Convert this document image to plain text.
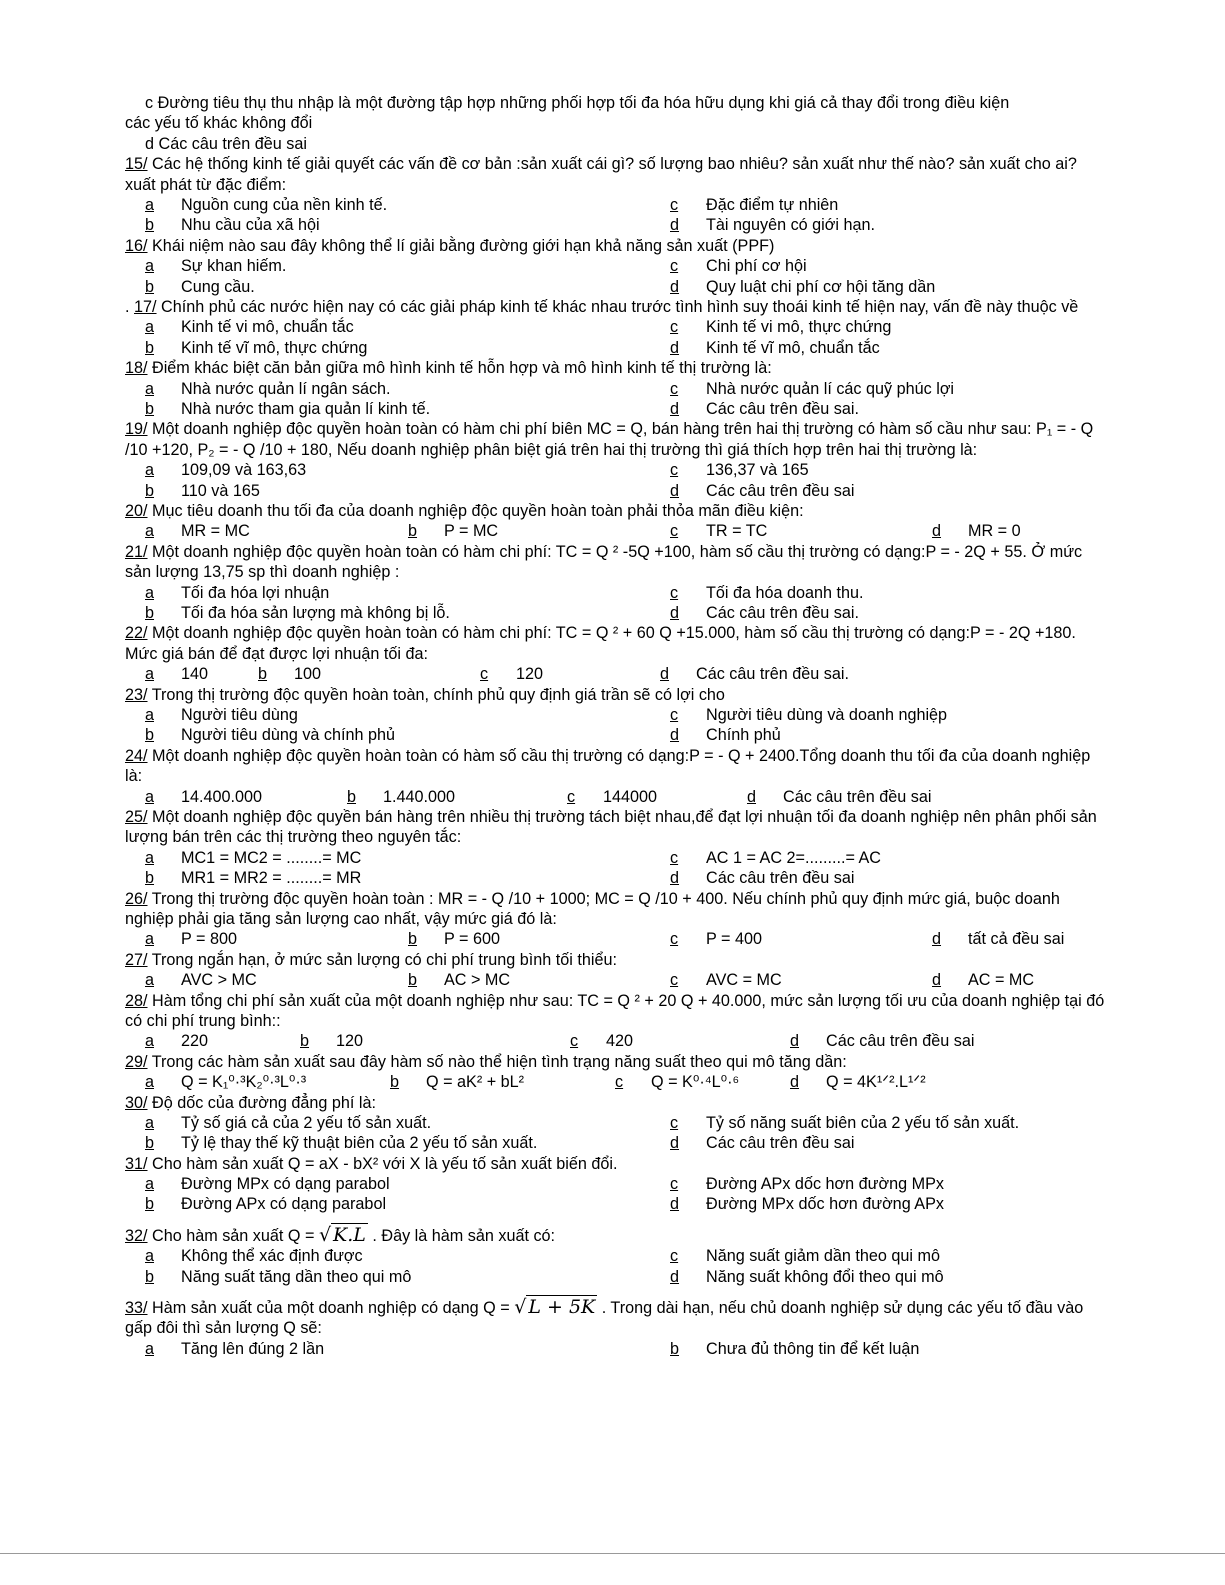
c Đường tiêu thụ thu nhập là một đường tập hợp những phối hợp tối đa hóa hữu dụng khi giá cả thay đổi trong điều kiện
các yếu tố khác không đổi
d Các câu trên đều sai
15/ Các hệ thống kinh tế giải quyết các vấn đề cơ bản :sản xuất cái gì? số lượng bao nhiêu? sản xuất như thế nào? sản xuất cho ai? xuất phát từ đặc điểm:
a Nguồn cung của nền kinh tế.	c Đặc điểm tự nhiên
b Nhu cầu của xã hội	d Tài nguyên có giới hạn.
16/ Khái niệm nào sau đây không thể lí giải bằng đường giới hạn khả năng sản xuất (PPF)
a Sự khan hiếm.	c Chi phí cơ hội
b Cung cầu.	d Quy luật chi phí cơ hội tăng dần
. 17/ Chính phủ các nước hiện nay có các giải pháp kinh tế khác nhau trước tình hình suy thoái kinh tế hiện nay, vấn đề này thuộc về
a Kinh tế vi mô, chuẩn tắc	c Kinh tế vi mô, thực chứng
b Kinh tế vĩ mô, thực chứng	d Kinh tế vĩ mô, chuẩn tắc
18/ Điểm khác biệt căn bản giữa mô hình kinh tế hỗn hợp và mô hình kinh tế thị trường là:
a Nhà nước quản lí ngân sách.	c Nhà nước quản lí các quỹ phúc lợi
b Nhà nước tham gia quản lí kinh tế.	d Các câu trên đều sai.
19/ Một doanh nghiệp độc quyền hoàn toàn có hàm chi phí biên MC = Q, bán hàng trên hai thị trường có hàm số cầu như sau: P₁ = - Q /10 +120, P₂ = - Q /10 + 180, Nếu doanh nghiệp phân biệt giá trên hai thị trường thì giá thích hợp trên hai thị trường là:
a 109,09 và 163,63	c 136,37 và 165
b 110 và 165	d Các câu trên đều sai
20/ Mục tiêu doanh thu tối đa của doanh nghiệp độc quyền hoàn toàn phải thỏa mãn điều kiện:
a MR = MC	b P = MC	c TR = TC	d MR = 0
21/ Một doanh nghiệp độc quyền hoàn toàn có hàm chi phí: TC = Q ² -5Q +100, hàm số cầu thị trường có dạng:P = - 2Q + 55. Ở mức sản lượng 13,75 sp thì doanh nghiệp :
a Tối đa hóa lợi nhuận	c Tối đa hóa doanh thu.
b Tối đa hóa sản lượng mà không bị lỗ.	d Các câu trên đều sai.
22/ Một doanh nghiệp độc quyền hoàn toàn có hàm chi phí: TC = Q ² + 60 Q +15.000, hàm số cầu thị trường có dạng:P = - 2Q +180. Mức giá bán để đạt được lợi nhuận tối đa:
a 140	b 100	c 120	d Các câu trên đều sai.
23/ Trong thị trường độc quyền hoàn toàn, chính phủ quy định giá trần sẽ có lợi cho
a Người tiêu dùng	c Người tiêu dùng và doanh nghiệp
b Người tiêu dùng và chính phủ	d Chính phủ
24/ Một doanh nghiệp độc quyền hoàn toàn có hàm số cầu thị trường có dạng:P = - Q + 2400.Tổng doanh thu tối đa của doanh nghiệp là:
a 14.400.000	b 1.440.000	c 144000	d Các câu trên đều sai
25/ Một doanh nghiệp độc quyền bán hàng trên nhiều thị trường tách biệt nhau,để đạt lợi nhuận tối đa doanh nghiệp nên phân phối sản lượng bán trên các thị trường theo nguyên tắc:
a MC1 = MC2 = ........= MC	c AC 1 = AC 2=.........= AC
b MR1 = MR2 = ........= MR	d Các câu trên đều sai
26/ Trong thị trường độc quyền hoàn toàn : MR = - Q /10 + 1000; MC = Q /10 + 400. Nếu chính phủ quy định mức giá, buộc doanh nghiệp phải gia tăng sản lượng cao nhất, vậy mức giá đó là:
a P = 800	b P = 600	c P = 400	d tất cả đều sai
27/ Trong ngắn hạn, ở mức sản lượng có chi phí trung bình tối thiểu:
a AVC > MC	b AC > MC	c AVC = MC	d AC = MC
28/ Hàm tổng chi phí sản xuất của một doanh nghiệp như sau: TC = Q ² + 20 Q + 40.000, mức sản lượng tối ưu của doanh nghiệp tại đó có chi phí trung bình::
a 220	b 120	c 420	d Các câu trên đều sai
29/ Trong các hàm sản xuất sau đây hàm số nào thể hiện tình trạng năng suất theo qui mô tăng dần:
a Q = K₁⁰·³K₂⁰·³L⁰·³	b Q = aK² + bL²	c Q = K⁰·⁴L⁰·⁶	d Q = 4K¹ᐟ².L¹ᐟ²
30/ Độ dốc của đường đẳng phí là:
a Tỷ số giá cả của 2 yếu tố sản xuất.	c Tỷ số năng suất biên của 2 yếu tố sản xuất.
b Tỷ lệ thay thế kỹ thuật biên của 2 yếu tố sản xuất.	d Các câu trên đều sai
31/ Cho hàm sản xuất Q = aX - bX² với X là yếu tố sản xuất biến đổi.
a Đường MPx có dạng parabol	c Đường APx dốc hơn đường MPx
b Đường APx có dạng parabol	d Đường MPx dốc hơn đường APx
32/ Cho hàm sản xuất Q = √ K.L . Đây là hàm sản xuất có:
a Không thể xác định được	c Năng suất giảm dần theo qui mô
b Năng suất tăng dần theo qui mô	d Năng suất không đổi theo qui mô
33/ Hàm sản xuất của một doanh nghiệp có dạng Q = √ L + 5K . Trong dài hạn, nếu chủ doanh nghiệp sử dụng các yếu tố đầu vào gấp đôi thì sản lượng Q sẽ:
a Tăng lên đúng 2 lần	b Chưa đủ thông tin để kết luận
